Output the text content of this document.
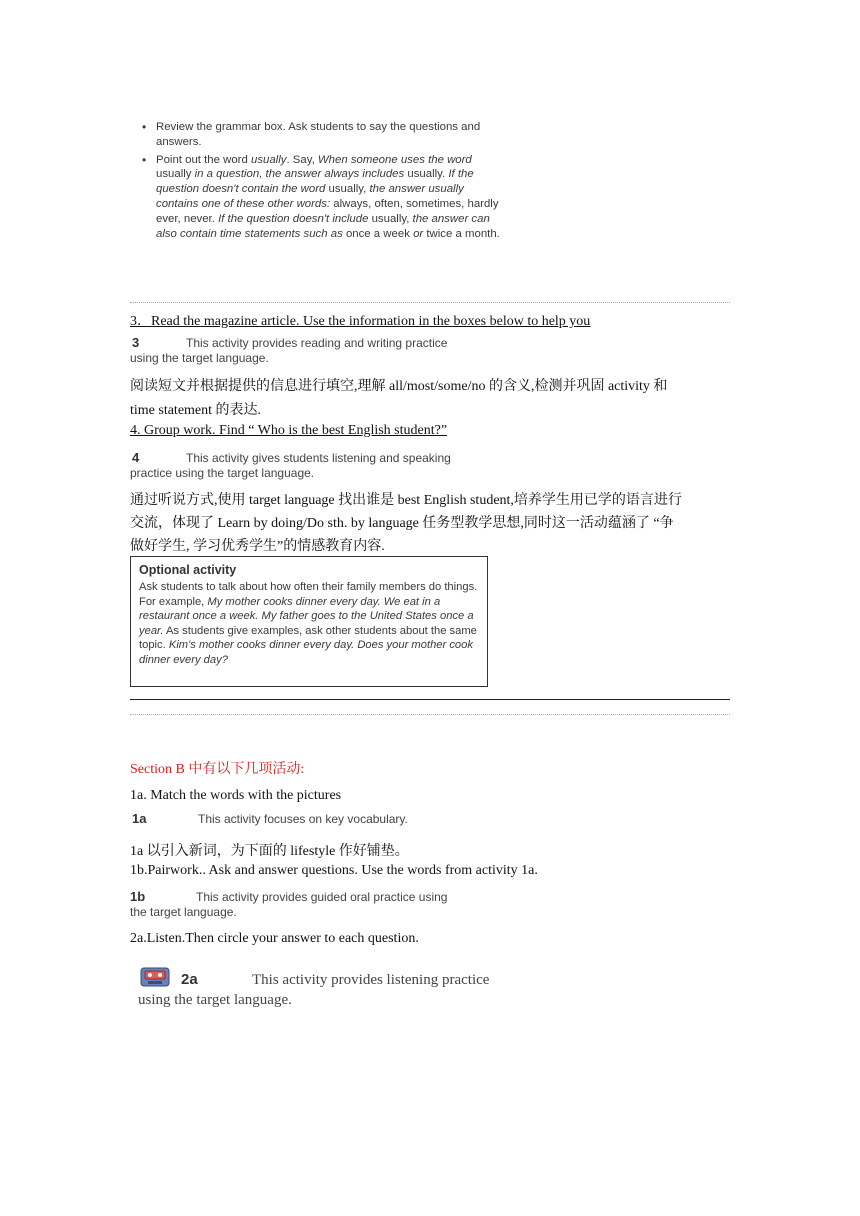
• Review the grammar box. Ask students to say the questions and answers.
• Point out the word usually. Say, When someone uses the word usually in a question, the answer always includes usually. If the question doesn't contain the word usually, the answer usually contains one of these other words: always, often, sometimes, hardly ever, never. If the question doesn't include usually, the answer can also contain time statements such as once a week or twice a month.
3．Read the magazine article. Use the information in the boxes below to help you
3	This activity provides reading and writing practice
using the target language.
阅读短文并根据提供的信息进行填空,理解 all/most/some/no 的含义,检测并巩固 activity 和
time statement 的表达.
4. Group work. Find “ Who is the best English student?”
4	This activity gives students listening and speaking
practice using the target language.
通过听说方式,使用 target language 找出谁是 best English student,培养学生用已学的语言进行
交流，体现了 Learn by doing/Do sth. by language 任务型教学思想,同时这一活动蕴涵了 “争
做好学生, 学习优秀学生”的情感教育内容.
Optional activity
Ask students to talk about how often their family members do things. For example, My mother cooks dinner every day. We eat in a restaurant once a week. My father goes to the United States once a year. As students give examples, ask other students about the same topic. Kim's mother cooks dinner every day. Does your mother cook dinner every day?
Section B 中有以下几项活动:
1a. Match the words with the pictures
1a	This activity focuses on key vocabulary.
1a 以引入新词，为下面的 lifestyle 作好铺垫。
1b.Pairwork.. Ask and answer questions. Use the words from activity 1a.
1b	This activity provides guided oral practice using
the target language.
2a.Listen.Then circle your answer to each question.
2a	This activity provides listening practice
using the target language.
